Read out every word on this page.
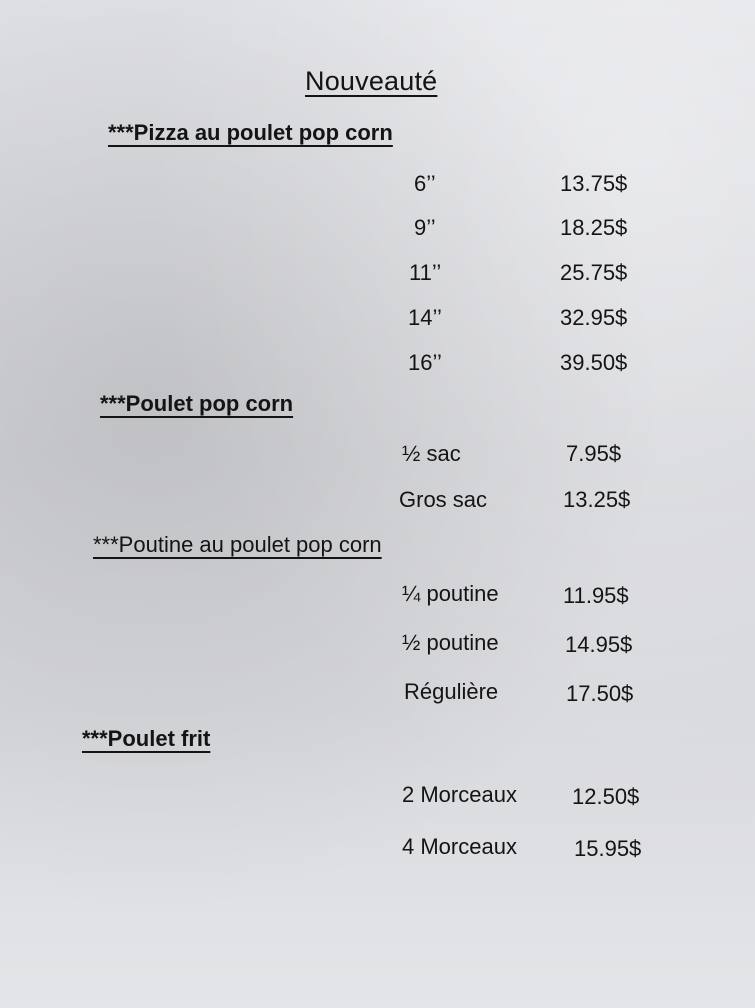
Nouveauté
***Pizza au poulet pop corn
6’’	13.75$
9’’	18.25$
11’’	25.75$
14’’	32.95$
16’’	39.50$
***Poulet pop corn
½ sac	7.95$
Gros sac	13.25$
***Poutine au poulet pop corn
¼ poutine	11.95$
½ poutine	14.95$
Régulière	17.50$
***Poulet frit
2 Morceaux	12.50$
4 Morceaux	15.95$
